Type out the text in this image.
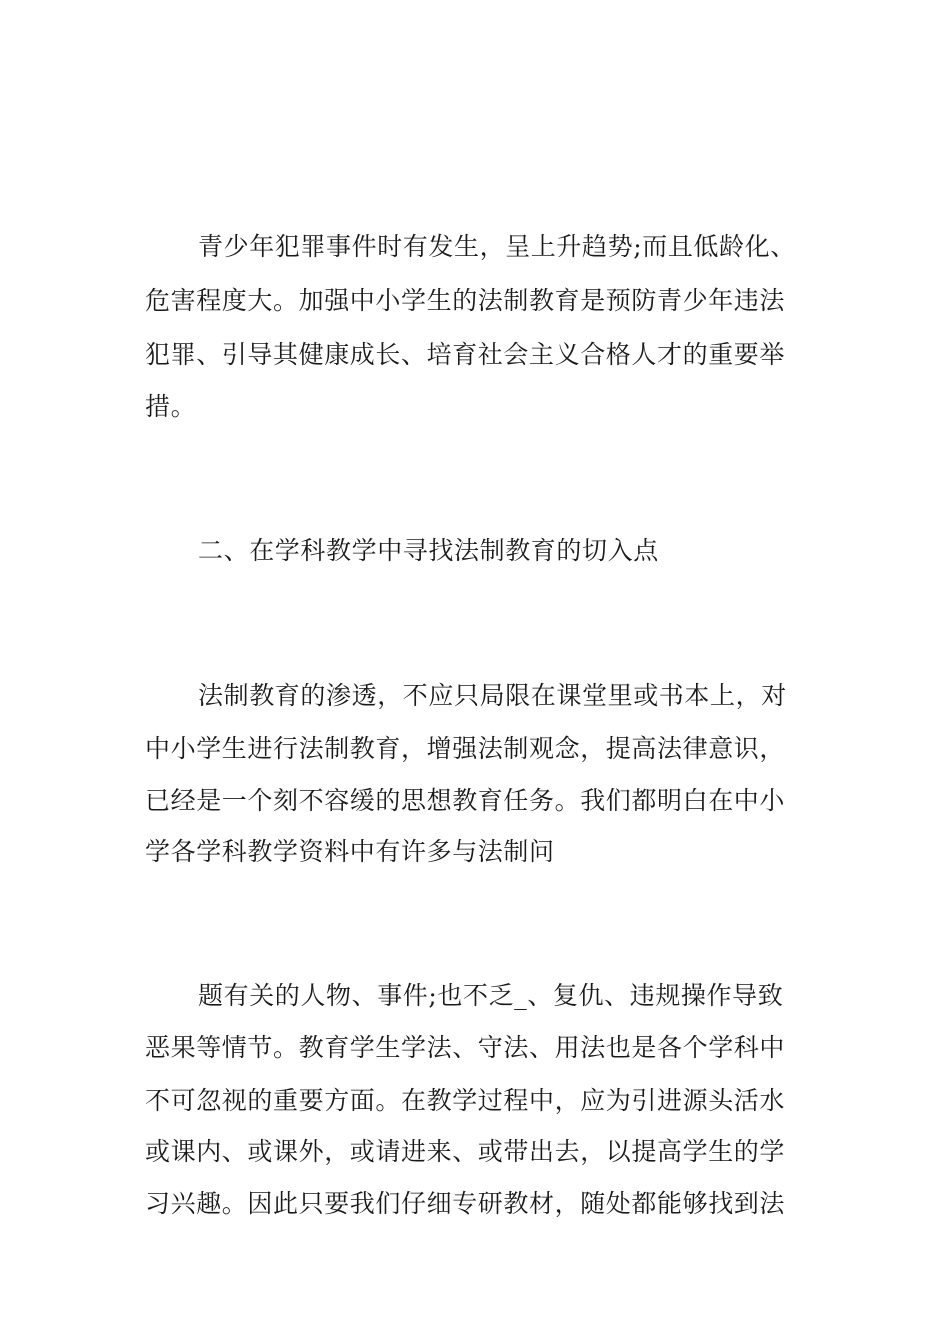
青少年犯罪事件时有发生，呈上升趋势;而且低龄化、
危害程度大。加强中小学生的法制教育是预防青少年违法
犯罪、引导其健康成长、培育社会主义合格人才的重要举
措。
二、在学科教学中寻找法制教育的切入点
法制教育的渗透，不应只局限在课堂里或书本上，对
中小学生进行法制教育，增强法制观念，提高法律意识，
已经是一个刻不容缓的思想教育任务。我们都明白在中小
学各学科教学资料中有许多与法制问
题有关的人物、事件;也不乏_、复仇、违规操作导致
恶果等情节。教育学生学法、守法、用法也是各个学科中
不可忽视的重要方面。在教学过程中，应为引进源头活水
或课内、或课外，或请进来、或带出去，以提高学生的学
习兴趣。因此只要我们仔细专研教材，随处都能够找到法
